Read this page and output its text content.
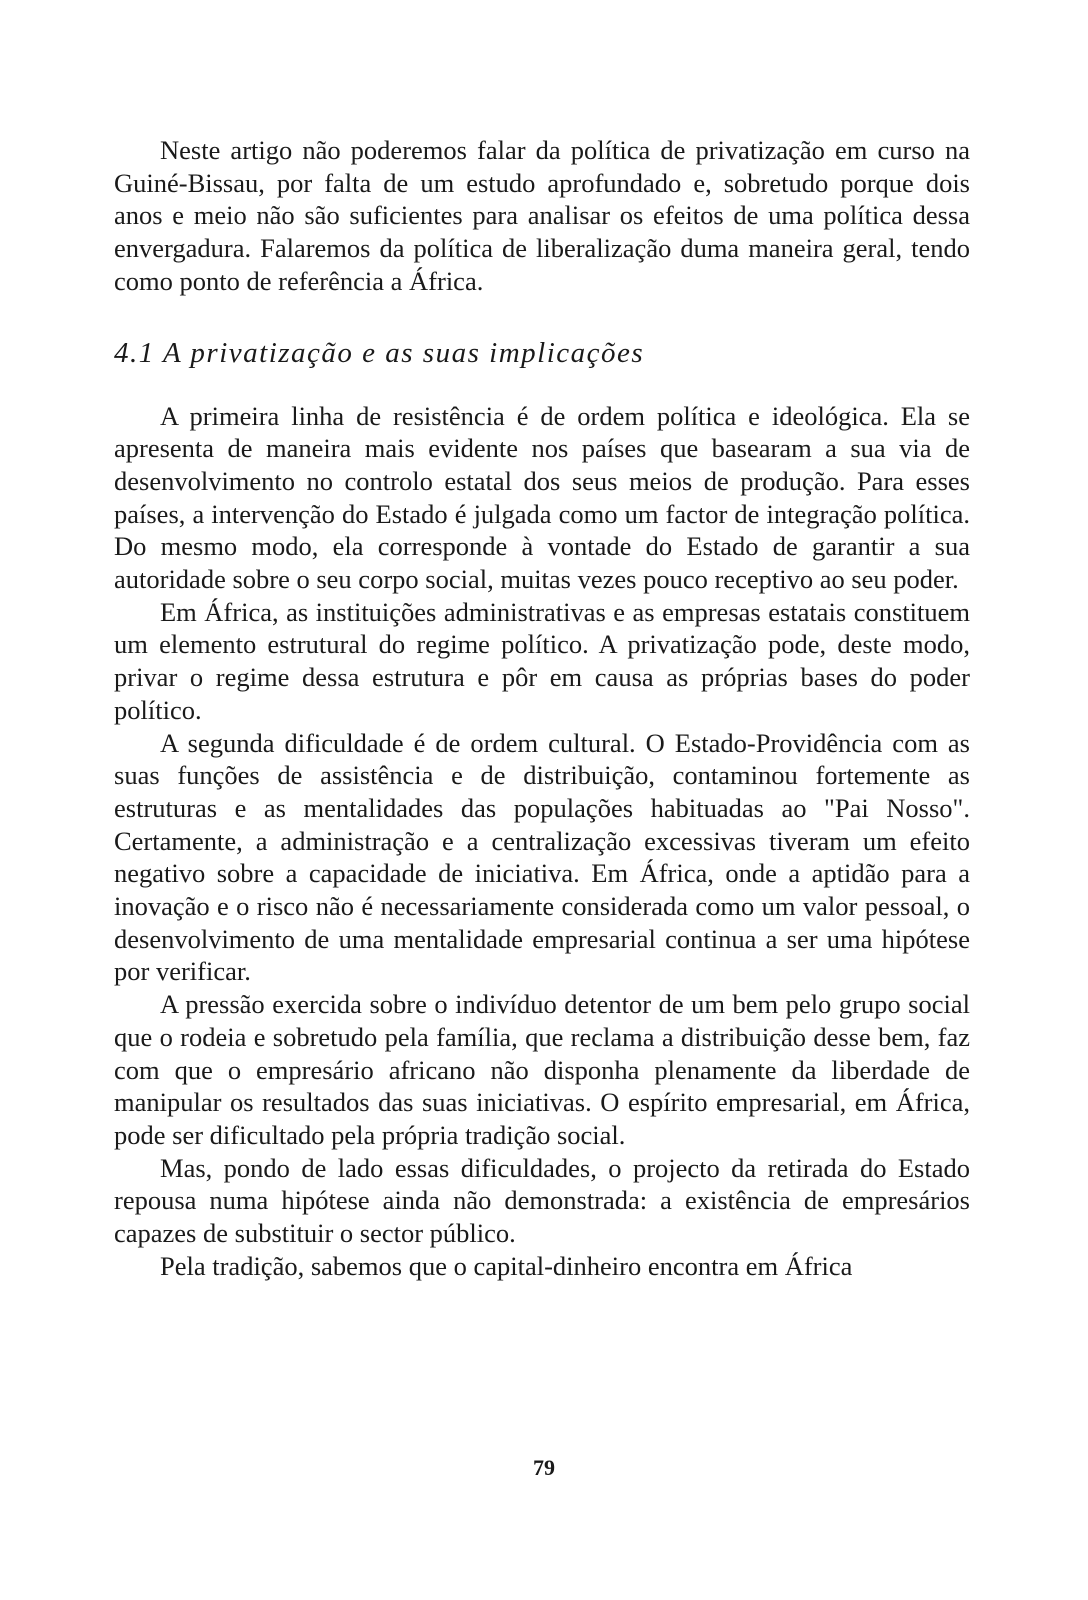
Neste artigo não poderemos falar da política de privatização em curso na Guiné-Bissau, por falta de um estudo aprofundado e, sobretudo porque dois anos e meio não são suficientes para analisar os efeitos de uma política dessa envergadura. Falaremos da política de liberalização duma maneira geral, tendo como ponto de referência a África.

4.1 A privatização e as suas implicações

A primeira linha de resistência é de ordem política e ideológica. Ela se apresenta de maneira mais evidente nos países que basearam a sua via de desenvolvimento no controlo estatal dos seus meios de produção. Para esses países, a intervenção do Estado é julgada como um factor de integração política. Do mesmo modo, ela corresponde à vontade do Estado de garantir a sua autoridade sobre o seu corpo social, muitas vezes pouco receptivo ao seu poder.

Em África, as instituições administrativas e as empresas estatais constituem um elemento estrutural do regime político. A privatização pode, deste modo, privar o regime dessa estrutura e pôr em causa as próprias bases do poder político.

A segunda dificuldade é de ordem cultural. O Estado-Providência com as suas funções de assistência e de distribuição, contaminou fortemente as estruturas e as mentalidades das populações habituadas ao "Pai Nosso". Certamente, a administração e a centralização excessivas tiveram um efeito negativo sobre a capacidade de iniciativa. Em África, onde a aptidão para a inovação e o risco não é necessariamente considerada como um valor pessoal, o desenvolvimento de uma mentalidade empresarial continua a ser uma hipótese por verificar.

A pressão exercida sobre o indivíduo detentor de um bem pelo grupo social que o rodeia e sobretudo pela família, que reclama a distribuição desse bem, faz com que o empresário africano não disponha plenamente da liberdade de manipular os resultados das suas iniciativas. O espírito empresarial, em África, pode ser dificultado pela própria tradição social.

Mas, pondo de lado essas dificuldades, o projecto da retirada do Estado repousa numa hipótese ainda não demonstrada: a existência de empresários capazes de substituir o sector público.

Pela tradição, sabemos que o capital-dinheiro encontra em África

79
